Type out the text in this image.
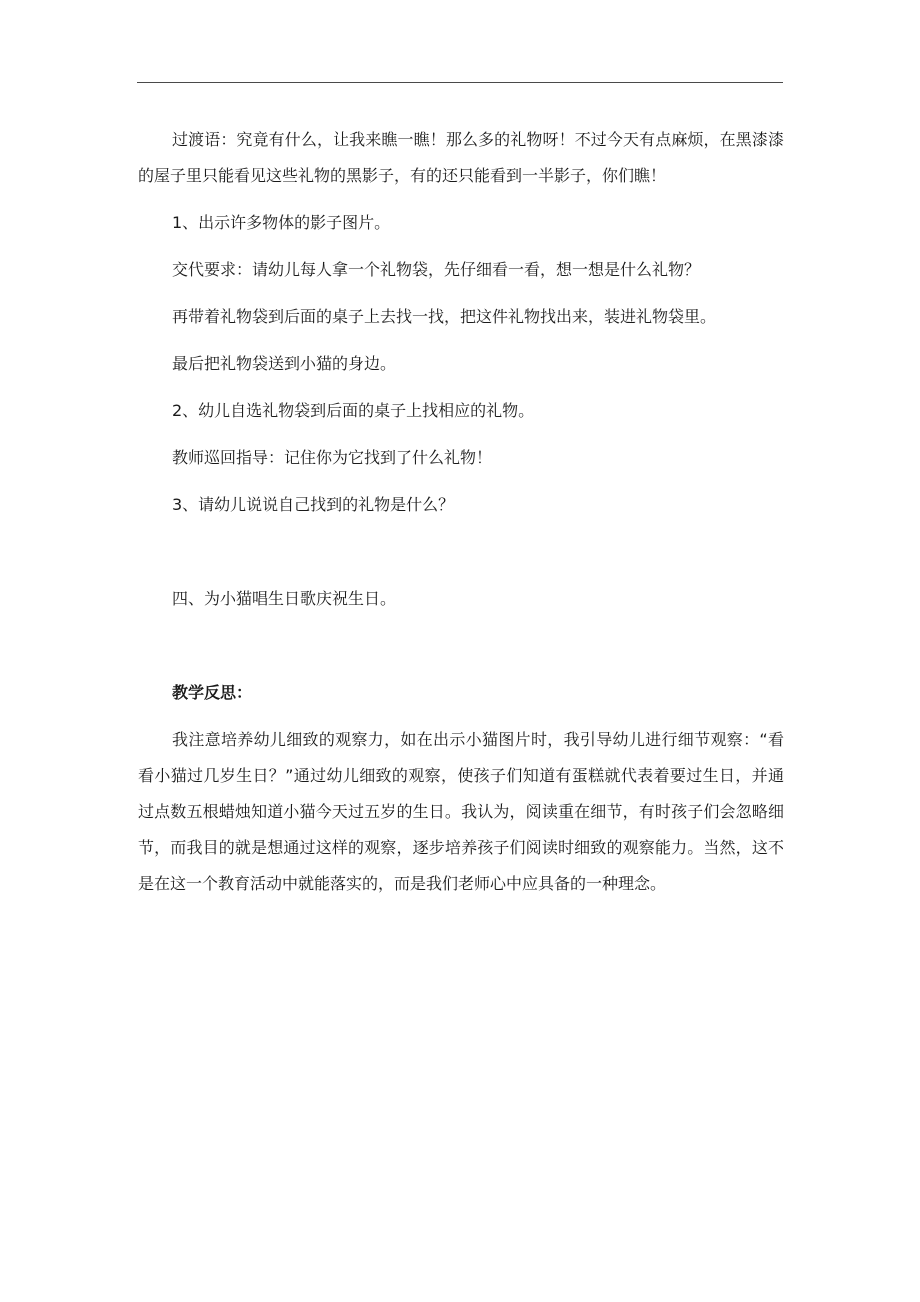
过渡语：究竟有什么，让我来瞧一瞧！那么多的礼物呀！不过今天有点麻烦，在黑漆漆的屋子里只能看见这些礼物的黑影子，有的还只能看到一半影子，你们瞧！

1、出示许多物体的影子图片。

交代要求：请幼儿每人拿一个礼物袋，先仔细看一看，想一想是什么礼物？

再带着礼物袋到后面的桌子上去找一找，把这件礼物找出来，装进礼物袋里。

最后把礼物袋送到小猫的身边。

2、幼儿自选礼物袋到后面的桌子上找相应的礼物。

教师巡回指导：记住你为它找到了什么礼物！

3、请幼儿说说自己找到的礼物是什么？

四、为小猫唱生日歌庆祝生日。

教学反思：

我注意培养幼儿细致的观察力，如在出示小猫图片时，我引导幼儿进行细节观察：“看看小猫过几岁生日？”通过幼儿细致的观察，使孩子们知道有蛋糕就代表着要过生日，并通过点数五根蜡烛知道小猫今天过五岁的生日。我认为，阅读重在细节，有时孩子们会忽略细节，而我目的就是想通过这样的观察，逐步培养孩子们阅读时细致的观察能力。当然，这不是在这一个教育活动中就能落实的，而是我们老师心中应具备的一种理念。
